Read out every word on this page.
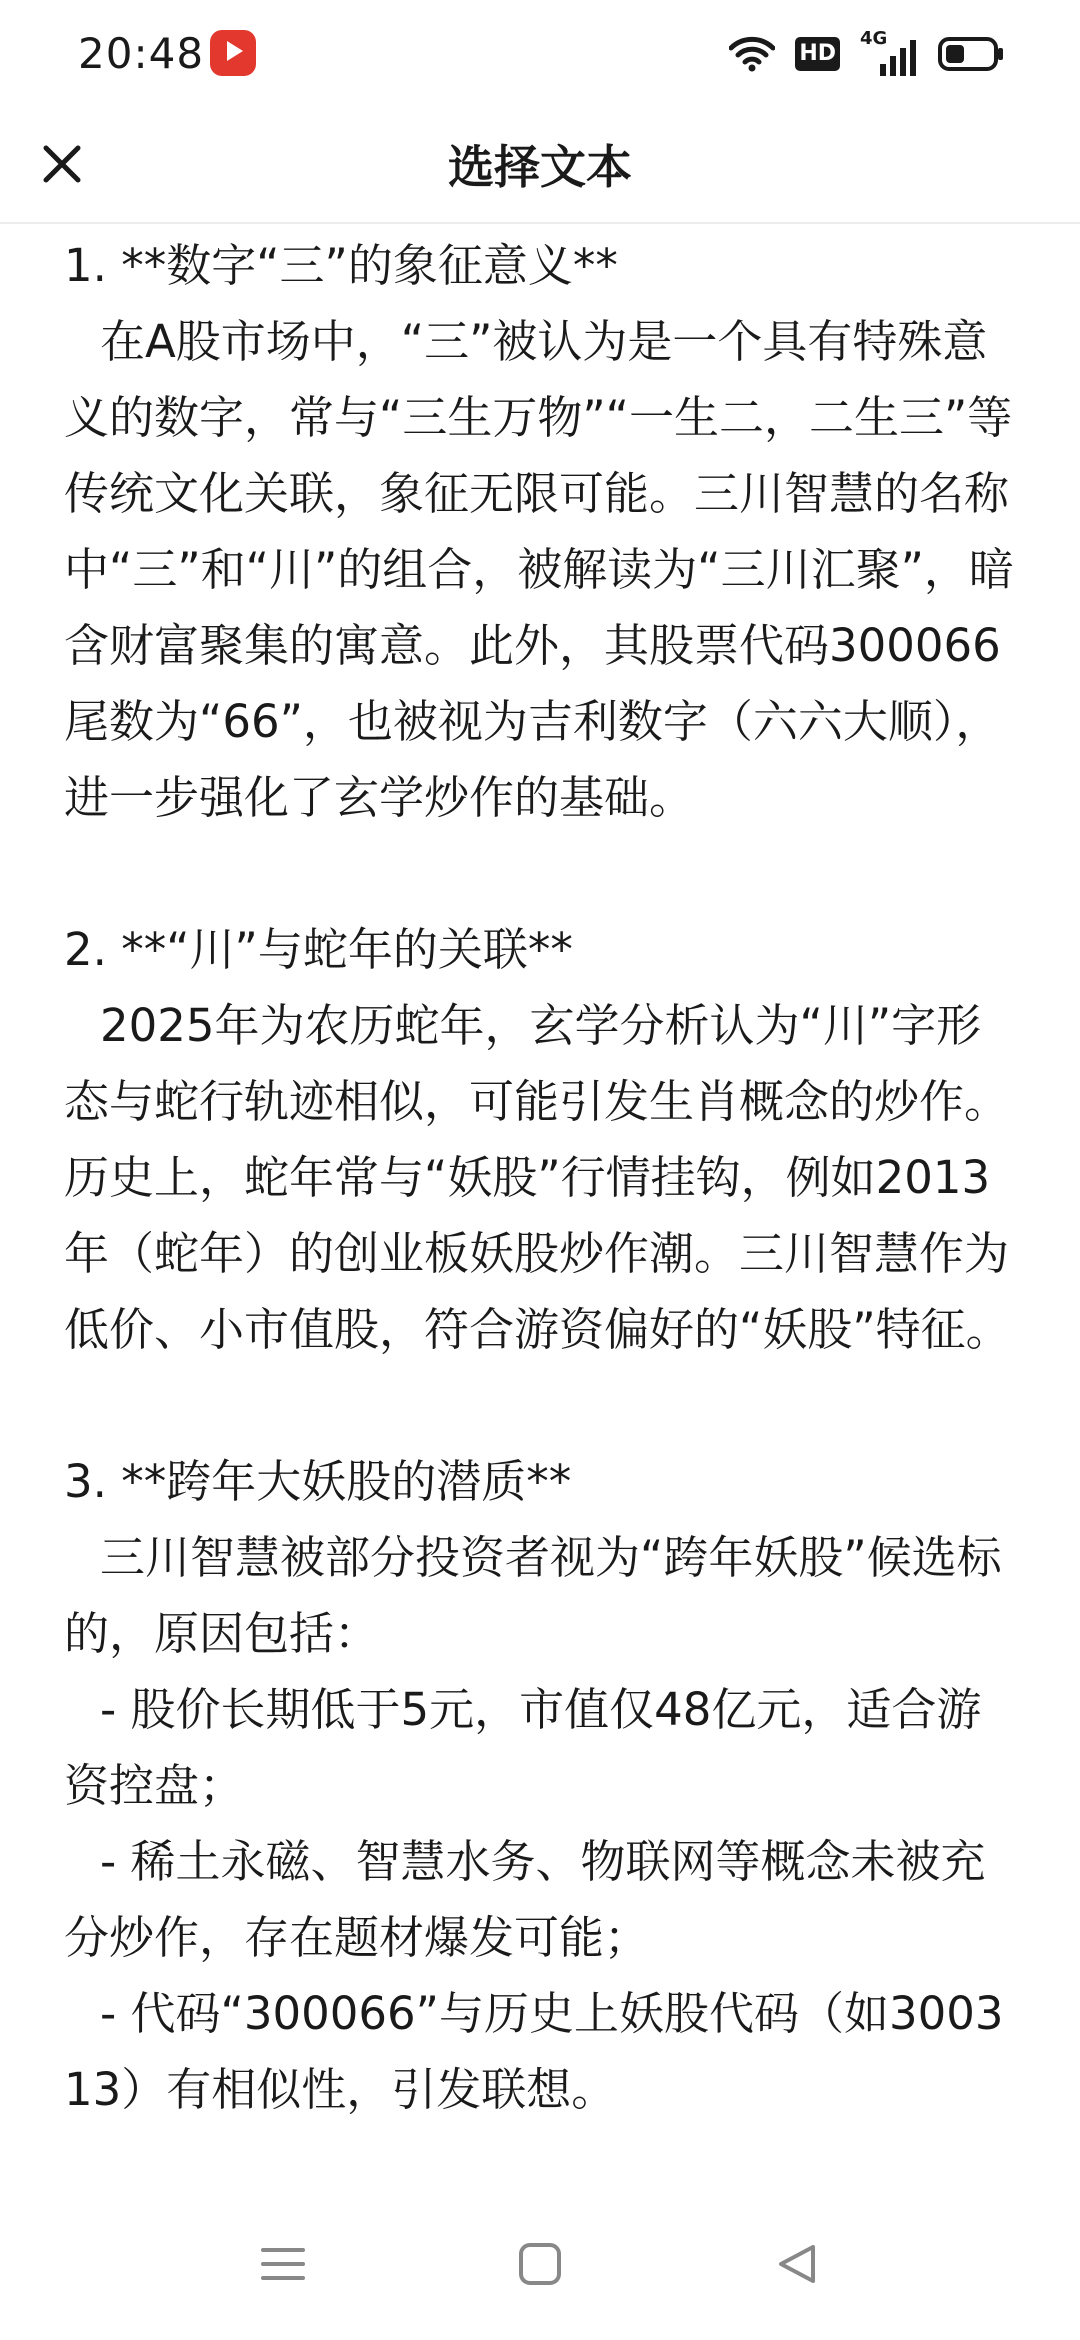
20:48	HD
4G
选择文本

1. **数字“三”的象征意义**

在A股市场中，“三”被认为是一个具有特殊意义的数字，常与“三生万物”“一生二，二生三”等传统文化关联，象征无限可能。三川智慧的名称中“三”和“川”的组合，被解读为“三川汇聚”，暗含财富聚集的寓意。此外，其股票代码300066尾数为“66”，也被视为吉利数字（六六大顺），进一步强化了玄学炒作的基础。

2. **“川”与蛇年的关联**

2025年为农历蛇年，玄学分析认为“川”字形态与蛇行轨迹相似，可能引发生肖概念的炒作。历史上，蛇年常与“妖股”行情挂钩，例如2013年（蛇年）的创业板妖股炒作潮。三川智慧作为低价、小市值股，符合游资偏好的“妖股”特征。

3. **跨年大妖股的潜质**

三川智慧被部分投资者视为“跨年妖股”候选标的，原因包括：

- 股价长期低于5元，市值仅48亿元，适合游资控盘；

- 稀土永磁、智慧水务、物联网等概念未被充分炒作，存在题材爆发可能；

- 代码“300066”与历史上妖股代码（如300313）有相似性，引发联想。
